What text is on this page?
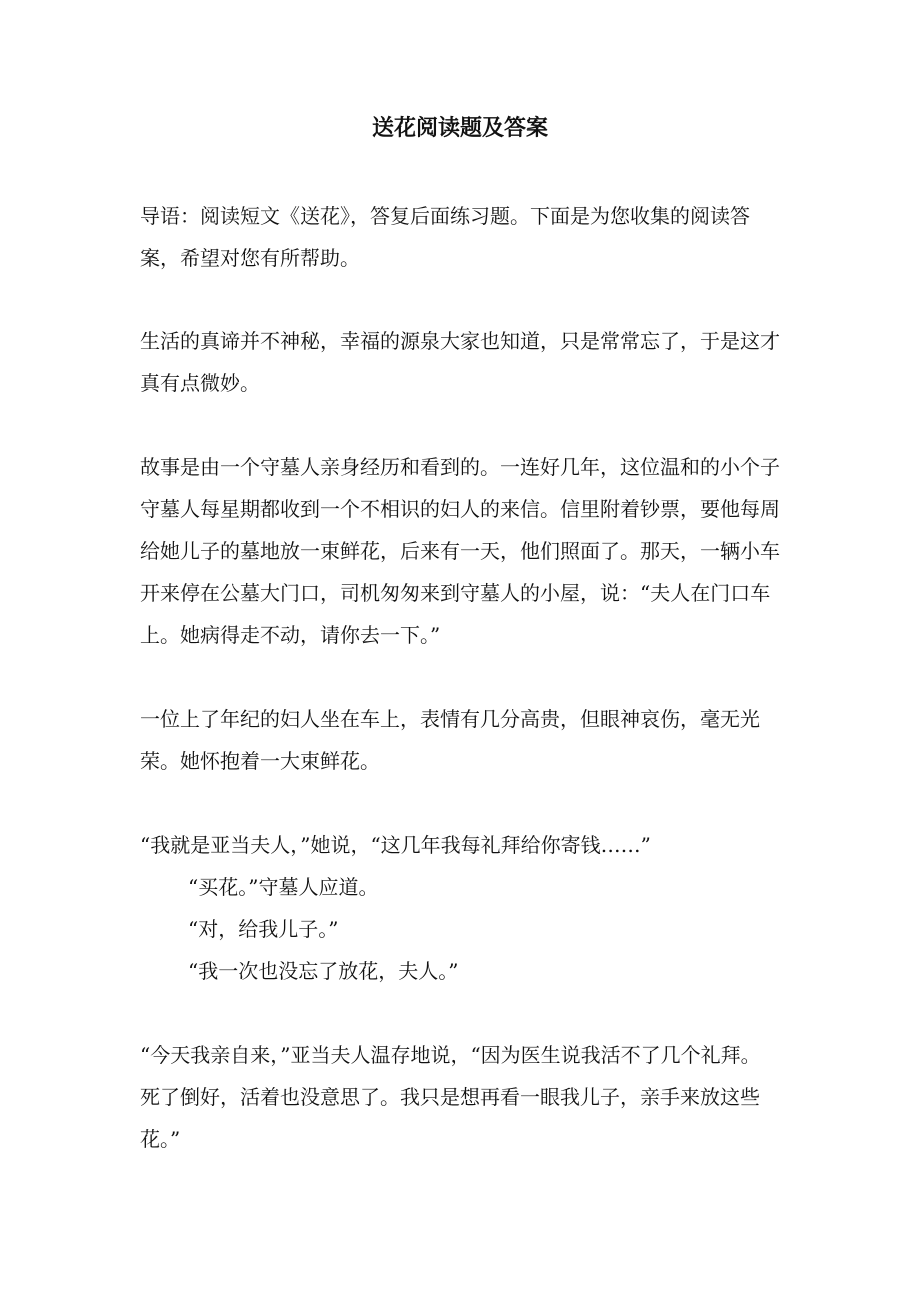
送花阅读题及答案

导语：阅读短文《送花》，答复后面练习题。下面是为您收集的阅读答案，希望对您有所帮助。

生活的真谛并不神秘，幸福的源泉大家也知道，只是常常忘了，于是这才真有点微妙。

故事是由一个守墓人亲身经历和看到的。一连好几年，这位温和的小个子守墓人每星期都收到一个不相识的妇人的来信。信里附着钞票，要他每周给她儿子的墓地放一束鲜花，后来有一天，他们照面了。那天，一辆小车开来停在公墓大门口，司机匆匆来到守墓人的小屋，说：“夫人在门口车上。她病得走不动，请你去一下。”

一位上了年纪的妇人坐在车上，表情有几分高贵，但眼神哀伤，毫无光荣。她怀抱着一大束鲜花。

“我就是亚当夫人，”她说，“这几年我每礼拜给你寄钱……”

“买花。”守墓人应道。

“对，给我儿子。”

“我一次也没忘了放花，夫人。”

“今天我亲自来，”亚当夫人温存地说，“因为医生说我活不了几个礼拜。死了倒好，活着也没意思了。我只是想再看一眼我儿子，亲手来放这些花。”
